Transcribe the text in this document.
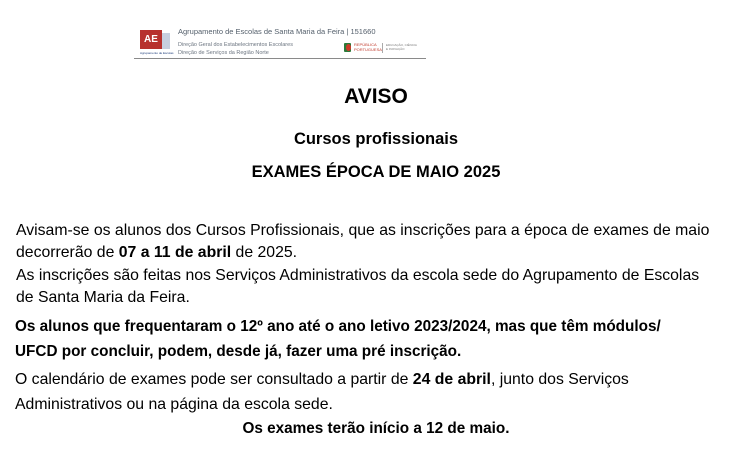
AE
Agrupamento de Escolas
Agrupamento de Escolas de Santa Maria da Feira | 151660
Direção Geral dos Estabelecimentos Escolares
Direção de Serviços da Região Norte
REPÚBLICA
PORTUGUESA
EDUCAÇÃO, CIÊNCIA
E INOVAÇÃO
AVISO
Cursos profissionais
EXAMES ÉPOCA DE MAIO 2025
Avisam-se os alunos dos Cursos Profissionais, que as inscrições para a época de exames de maio
decorrerão de 07 a 11 de abril de 2025.
As inscrições são feitas nos Serviços Administrativos da escola sede do Agrupamento de Escolas
de Santa Maria da Feira.
Os alunos que frequentaram o 12º ano até o ano letivo 2023/2024, mas que têm módulos/
UFCD por concluir, podem, desde já, fazer uma pré inscrição.
O calendário de exames pode ser consultado a partir de 24 de abril, junto dos Serviços
Administrativos ou na página da escola sede.
Os exames terão início a 12 de maio.
